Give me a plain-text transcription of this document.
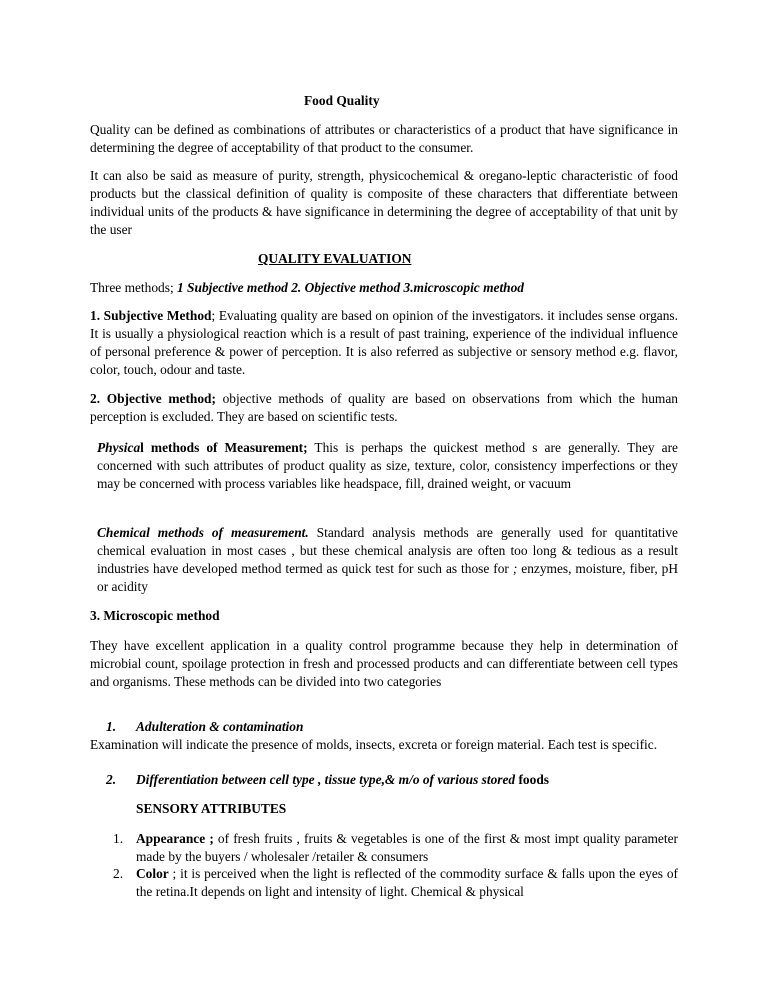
Food Quality

Quality can be defined as combinations of attributes or characteristics of a product that have significance in determining the degree of acceptability of that product to the consumer.

It can also be said as measure of purity, strength, physicochemical & oregano-leptic characteristic of food products but the classical definition of quality is composite of these characters that differentiate between individual units of the products & have significance in determining the degree of acceptability of that unit by the user

QUALITY EVALUATION

Three methods; 1 Subjective method 2. Objective method 3.microscopic method

1. Subjective Method; Evaluating quality are based on opinion of the investigators. it includes sense organs. It is usually a physiological reaction which is a result of past training, experience of the individual influence of personal preference & power of perception. It is also referred as subjective or sensory method e.g. flavor, color, touch, odour and taste.

2. Objective method; objective methods of quality are based on observations from which the human perception is excluded. They are based on scientific tests.

Physical methods of Measurement; This is perhaps the quickest method s are generally. They are concerned with such attributes of product quality as size, texture, color, consistency imperfections or they may be concerned with process variables like headspace, fill, drained weight, or vacuum

Chemical methods of measurement. Standard analysis methods are generally used for quantitative chemical evaluation in most cases , but these chemical analysis are often too long & tedious as a result industries have developed method termed as quick test for such as those for ; enzymes, moisture, fiber, pH or acidity

3. Microscopic method

They have excellent application in a quality control programme because they help in determination of microbial count, spoilage protection in fresh and processed products and can differentiate between cell types and organisms. These methods can be divided into two categories

1. Adulteration & contamination

Examination will indicate the presence of molds, insects, excreta or foreign material. Each test is specific.

2. Differentiation between cell type , tissue type,& m/o of various stored foods
SENSORY ATTRIBUTES
1. Appearance ; of fresh fruits , fruits & vegetables is one of the first & most impt quality parameter made by the buyers / wholesaler /retailer & consumers

2. Color ; it is perceived when the light is reflected of the commodity surface & falls upon the eyes of the retina.It depends on light and intensity of light. Chemical & physical
